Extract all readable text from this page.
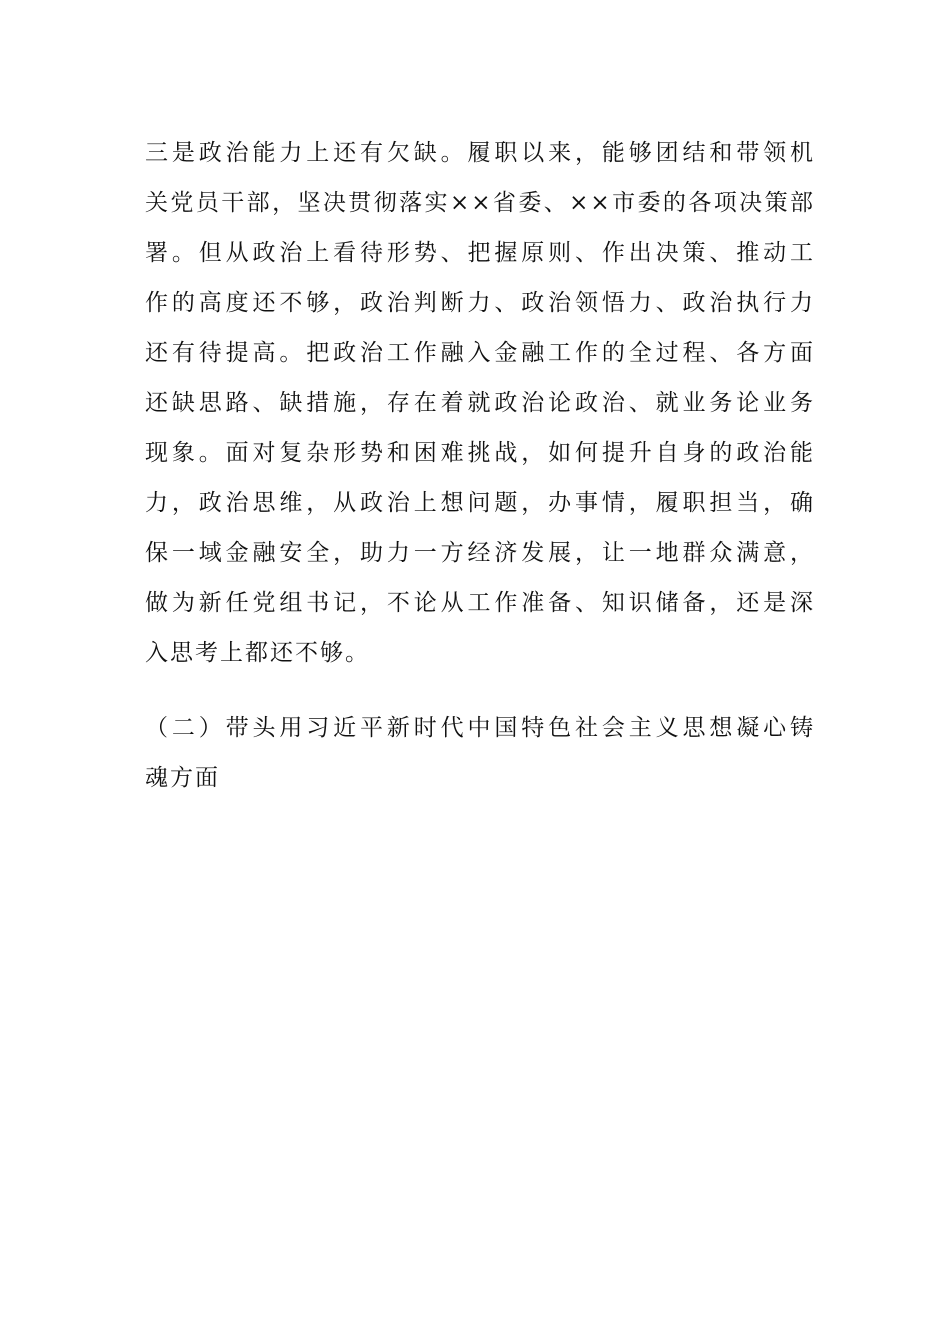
三是政治能力上还有欠缺。履职以来，能够团结和带领机
关党员干部，坚决贯彻落实××省委、××市委的各项决策部
署。但从政治上看待形势、把握原则、作出决策、推动工
作的高度还不够，政治判断力、政治领悟力、政治执行力
还有待提高。把政治工作融入金融工作的全过程、各方面
还缺思路、缺措施，存在着就政治论政治、就业务论业务
现象。面对复杂形势和困难挑战，如何提升自身的政治能
力，政治思维，从政治上想问题，办事情，履职担当，确
保一域金融安全，助力一方经济发展，让一地群众满意，
做为新任党组书记，不论从工作准备、知识储备，还是深
入思考上都还不够。
（二）带头用习近平新时代中国特色社会主义思想凝心铸
魂方面
